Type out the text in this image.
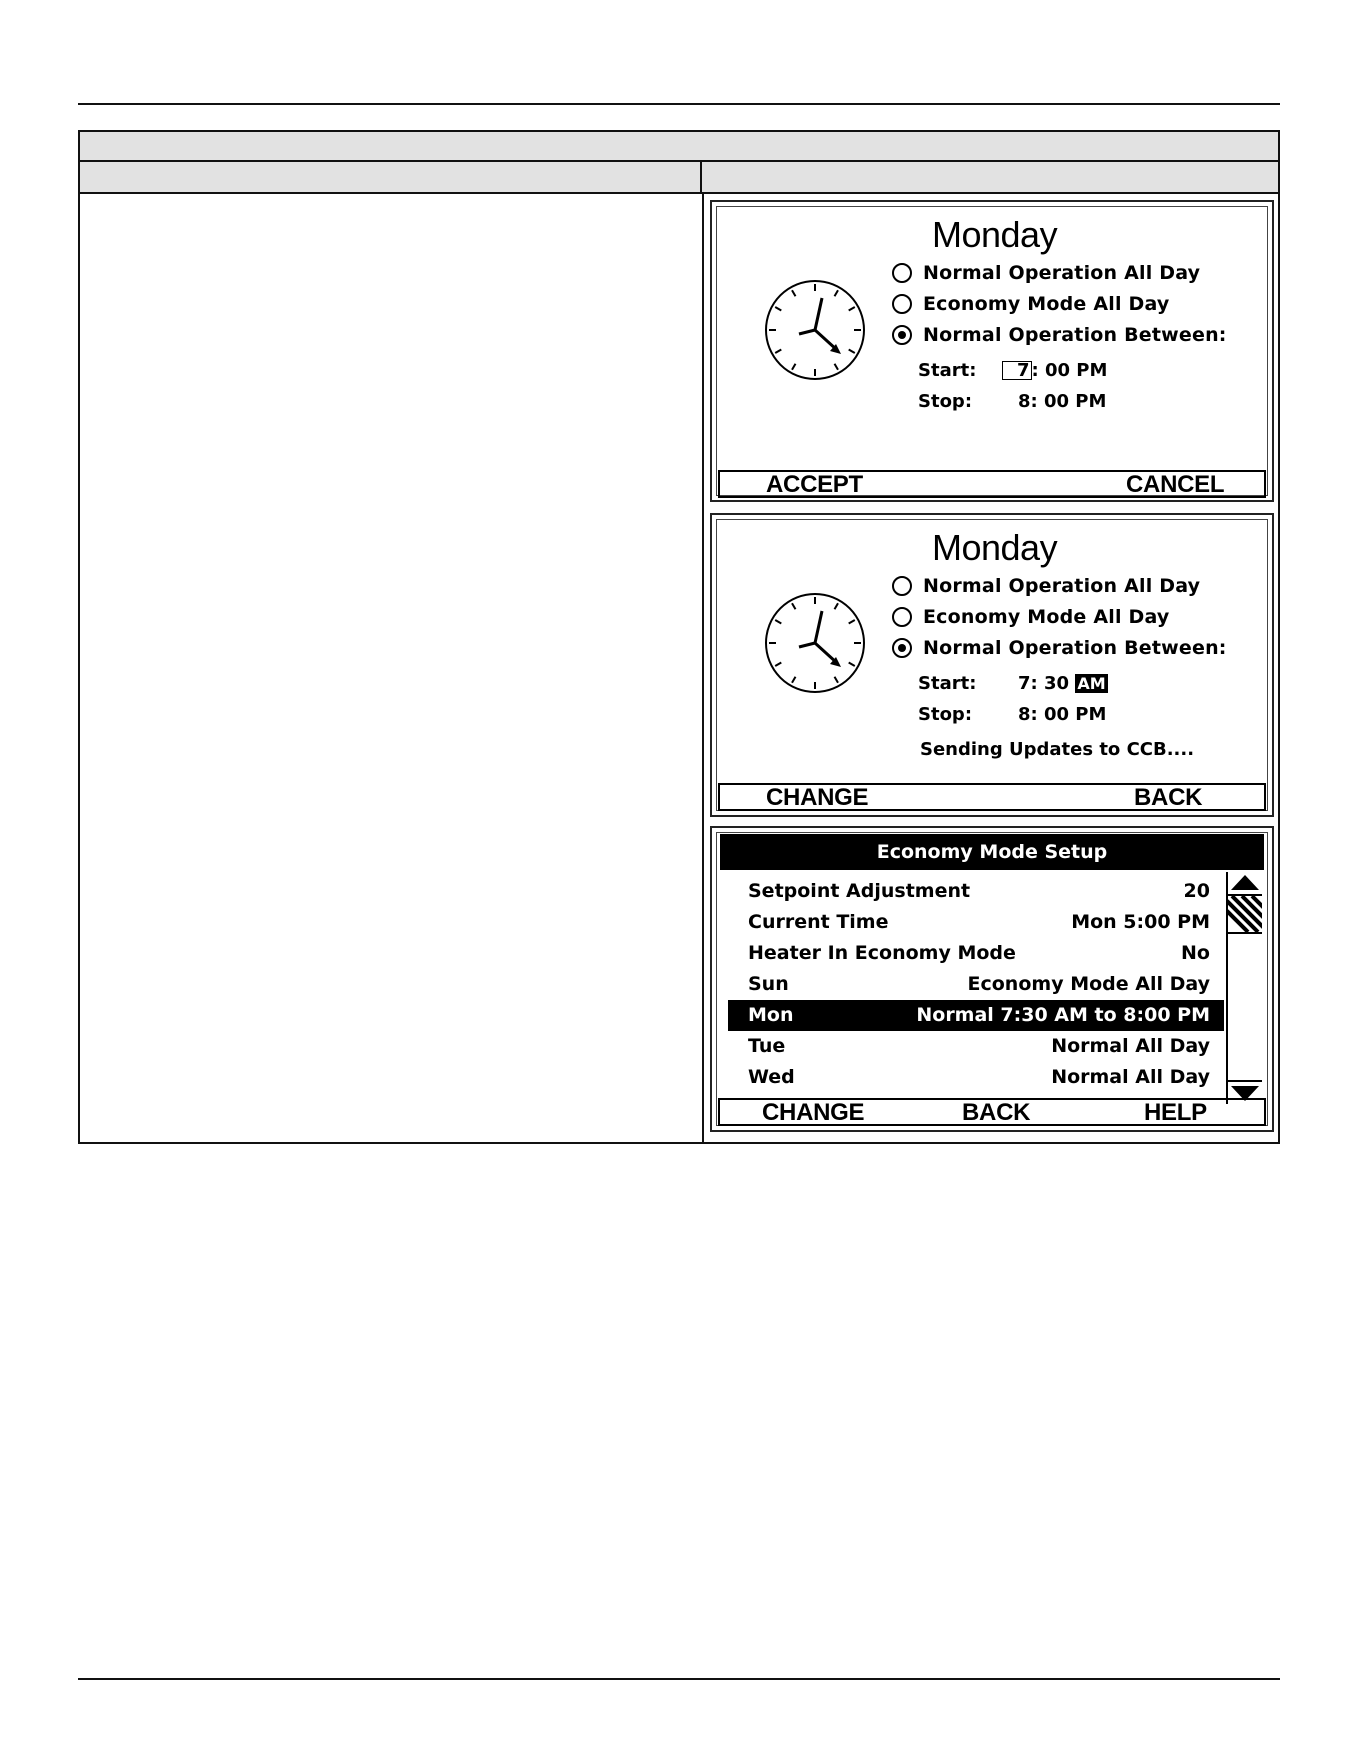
Monday
Normal Operation All Day
Economy Mode All Day
Normal Operation Between:
Start:	7 : 00 PM
Stop:	8: 00 PM
ACCEPT	CANCEL
Monday
Normal Operation All Day
Economy Mode All Day
Normal Operation Between:
Start: 7: 30 AM
Stop:	8: 00 PM
Sending Updates to CCB....
CHANGE	BACK
Economy Mode Setup
Setpoint Adjustment	20
Current Time	Mon 5:00 PM
Heater In Economy Mode	No
Sun	Economy Mode All Day
Mon	Normal 7:30 AM to 8:00 PM
Tue	Normal All Day
Wed	Normal All Day
CHANGE	BACK	HELP
